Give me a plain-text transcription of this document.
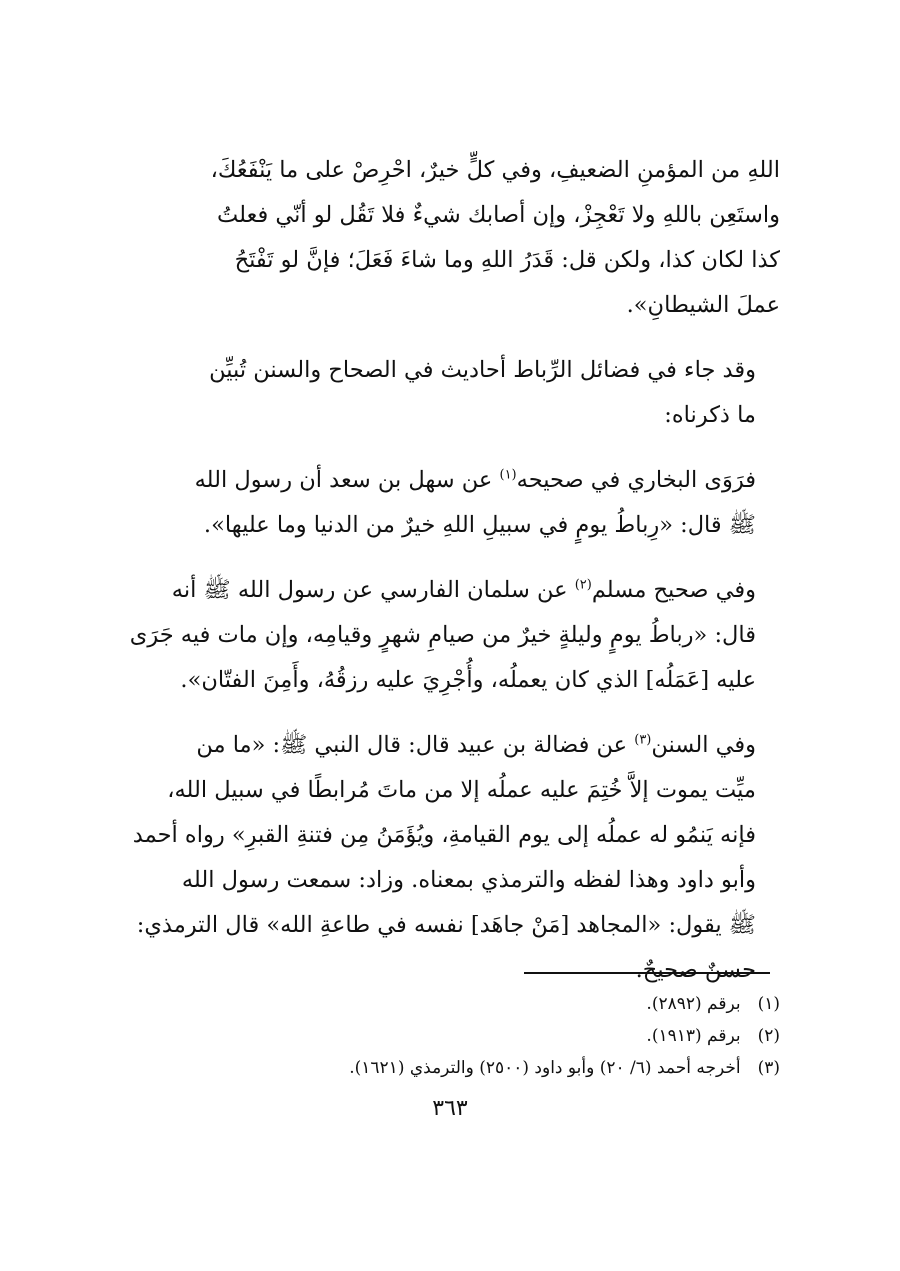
اللهِ من المؤمنِ الضعيفِ، وفي كلٍّ خيرٌ، احْرِصْ على ما يَنْفَعُكَ،

واستَعِن باللهِ ولا تَعْجِزْ، وإن أصابك شيءٌ فلا تَقُل لو أنّي فعلتُ

كذا لكان كذا، ولكن قل: قَدَرُ اللهِ وما شاءَ فَعَلَ؛ فإنَّ لو تَفْتَحُ

عملَ الشيطانِ».

وقد جاء في فضائل الرِّباط أحاديث في الصحاح والسنن تُبيِّن

ما ذكرناه:

فرَوَى البخاري في صحيحه$^{(١)}$ عن سهل بن سعد أن رسول الله

ﷺ قال: «رِباطُ يومٍ في سبيلِ اللهِ خيرٌ من الدنيا وما عليها».

وفي صحيح مسلم$^{(٢)}$ عن سلمان الفارسي عن رسول الله ﷺ أنه

قال: «رباطُ يومٍ وليلةٍ خيرٌ من صيامِ شهرٍ وقيامِه، وإن مات فيه جَرَى

عليه [عَمَلُه] الذي كان يعملُه، وأُجْرِيَ عليه رزقُهُ، وأَمِنَ الفتّان».

وفي السنن$^{(٣)}$ عن فضالة بن عبيد قال: قال النبي ﷺ: «ما من

ميِّت يموت إلاَّ خُتِمَ عليه عملُه إلا من ماتَ مُرابطًا في سبيل الله،

فإنه يَنمُو له عملُه إلى يوم القيامةِ، ويُؤَمَنُ مِن فتنةِ القبرِ» رواه أحمد

وأبو داود وهذا لفظه والترمذي بمعناه. وزاد: سمعت رسول الله

ﷺ يقول: «المجاهد [مَنْ جاهَد] نفسه في طاعةِ الله» قال الترمذي:

حسنٌ صحيحٌ.

(١) برقم (٢٨٩٢).
(٢) برقم (١٩١٣).
(٣) أخرجه أحمد (٦/ ٢٠) وأبو داود (٢٥٠٠) والترمذي (١٦٢١).
٣٦٣
